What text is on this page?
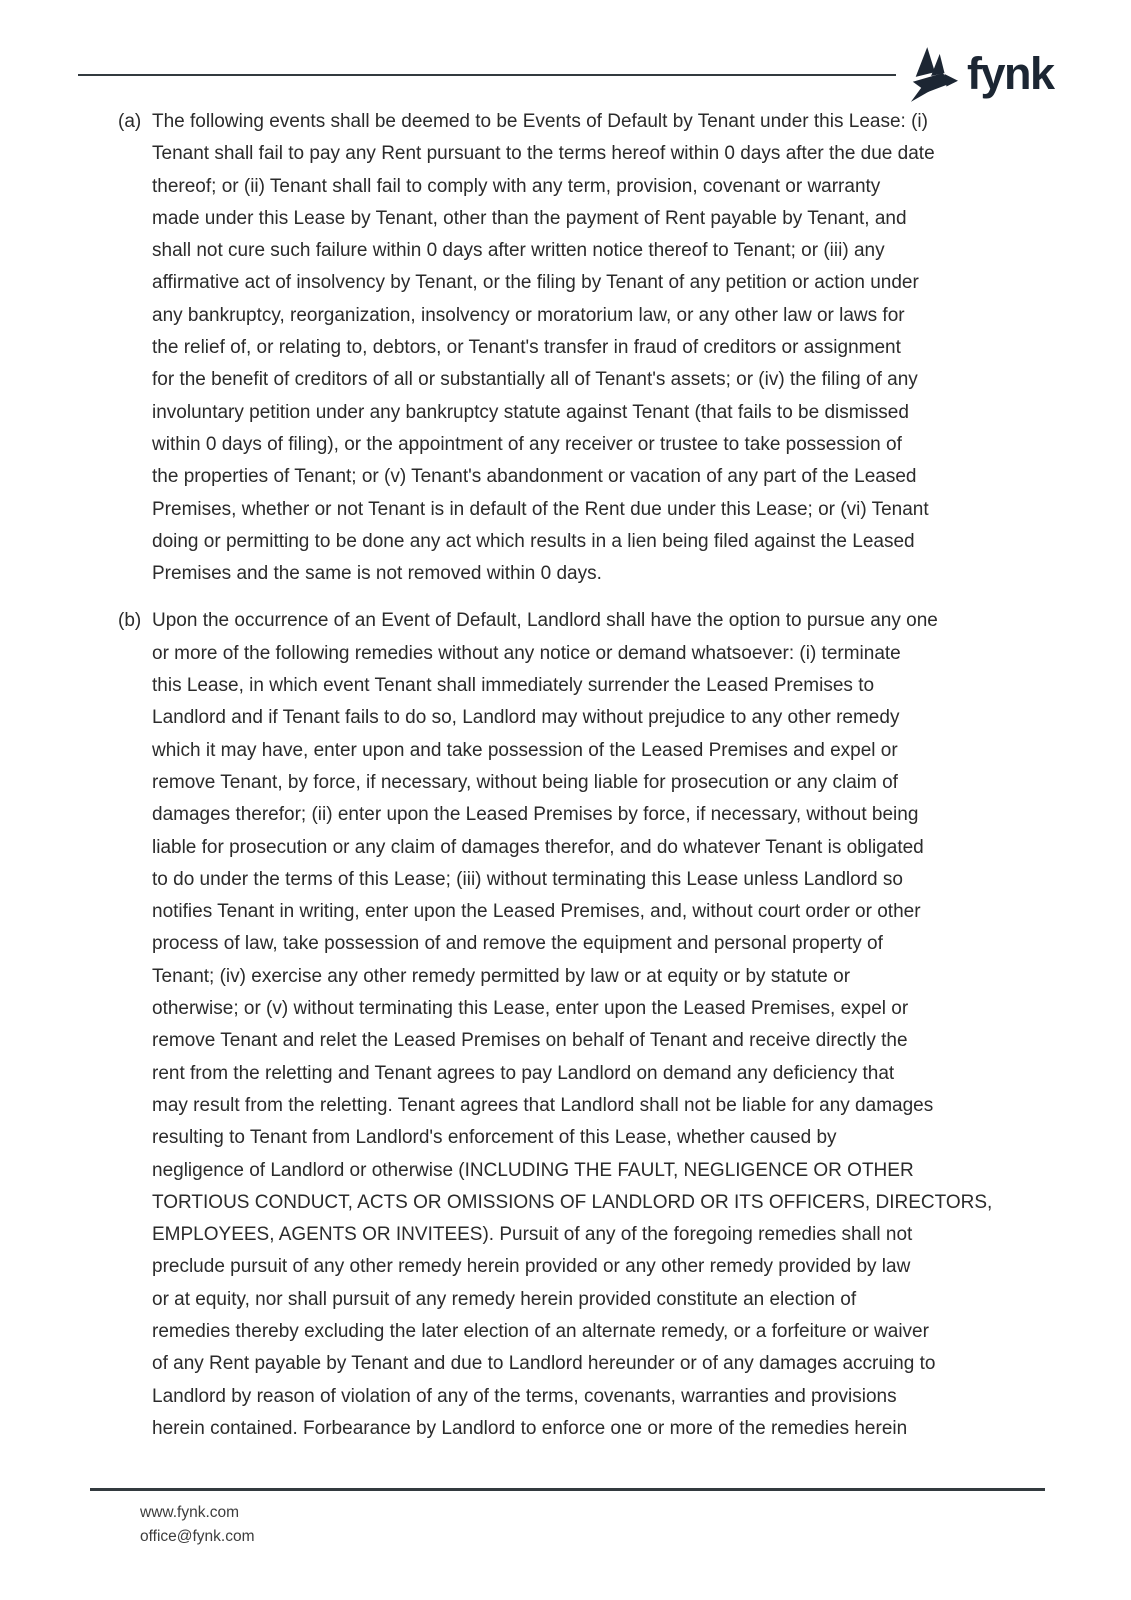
fynk
(a) The following events shall be deemed to be Events of Default by Tenant under this Lease: (i)
Tenant shall fail to pay any Rent pursuant to the terms hereof within 0 days after the due date
thereof; or (ii) Tenant shall fail to comply with any term, provision, covenant or warranty
made under this Lease by Tenant, other than the payment of Rent payable by Tenant, and
shall not cure such failure within 0 days after written notice thereof to Tenant; or (iii) any
affirmative act of insolvency by Tenant, or the filing by Tenant of any petition or action under
any bankruptcy, reorganization, insolvency or moratorium law, or any other law or laws for
the relief of, or relating to, debtors, or Tenant's transfer in fraud of creditors or assignment
for the benefit of creditors of all or substantially all of Tenant's assets; or (iv) the filing of any
involuntary petition under any bankruptcy statute against Tenant (that fails to be dismissed
within 0 days of filing), or the appointment of any receiver or trustee to take possession of
the properties of Tenant; or (v) Tenant's abandonment or vacation of any part of the Leased
Premises, whether or not Tenant is in default of the Rent due under this Lease; or (vi) Tenant
doing or permitting to be done any act which results in a lien being filed against the Leased
Premises and the same is not removed within 0 days.
(b) Upon the occurrence of an Event of Default, Landlord shall have the option to pursue any one
or more of the following remedies without any notice or demand whatsoever: (i) terminate
this Lease, in which event Tenant shall immediately surrender the Leased Premises to
Landlord and if Tenant fails to do so, Landlord may without prejudice to any other remedy
which it may have, enter upon and take possession of the Leased Premises and expel or
remove Tenant, by force, if necessary, without being liable for prosecution or any claim of
damages therefor; (ii) enter upon the Leased Premises by force, if necessary, without being
liable for prosecution or any claim of damages therefor, and do whatever Tenant is obligated
to do under the terms of this Lease; (iii) without terminating this Lease unless Landlord so
notifies Tenant in writing, enter upon the Leased Premises, and, without court order or other
process of law, take possession of and remove the equipment and personal property of
Tenant; (iv) exercise any other remedy permitted by law or at equity or by statute or
otherwise; or (v) without terminating this Lease, enter upon the Leased Premises, expel or
remove Tenant and relet the Leased Premises on behalf of Tenant and receive directly the
rent from the reletting and Tenant agrees to pay Landlord on demand any deficiency that
may result from the reletting. Tenant agrees that Landlord shall not be liable for any damages
resulting to Tenant from Landlord's enforcement of this Lease, whether caused by
negligence of Landlord or otherwise (INCLUDING THE FAULT, NEGLIGENCE OR OTHER
TORTIOUS CONDUCT, ACTS OR OMISSIONS OF LANDLORD OR ITS OFFICERS, DIRECTORS,
EMPLOYEES, AGENTS OR INVITEES). Pursuit of any of the foregoing remedies shall not
preclude pursuit of any other remedy herein provided or any other remedy provided by law
or at equity, nor shall pursuit of any remedy herein provided constitute an election of
remedies thereby excluding the later election of an alternate remedy, or a forfeiture or waiver
of any Rent payable by Tenant and due to Landlord hereunder or of any damages accruing to
Landlord by reason of violation of any of the terms, covenants, warranties and provisions
herein contained. Forbearance by Landlord to enforce one or more of the remedies herein
www.fynk.com
office@fynk.com
